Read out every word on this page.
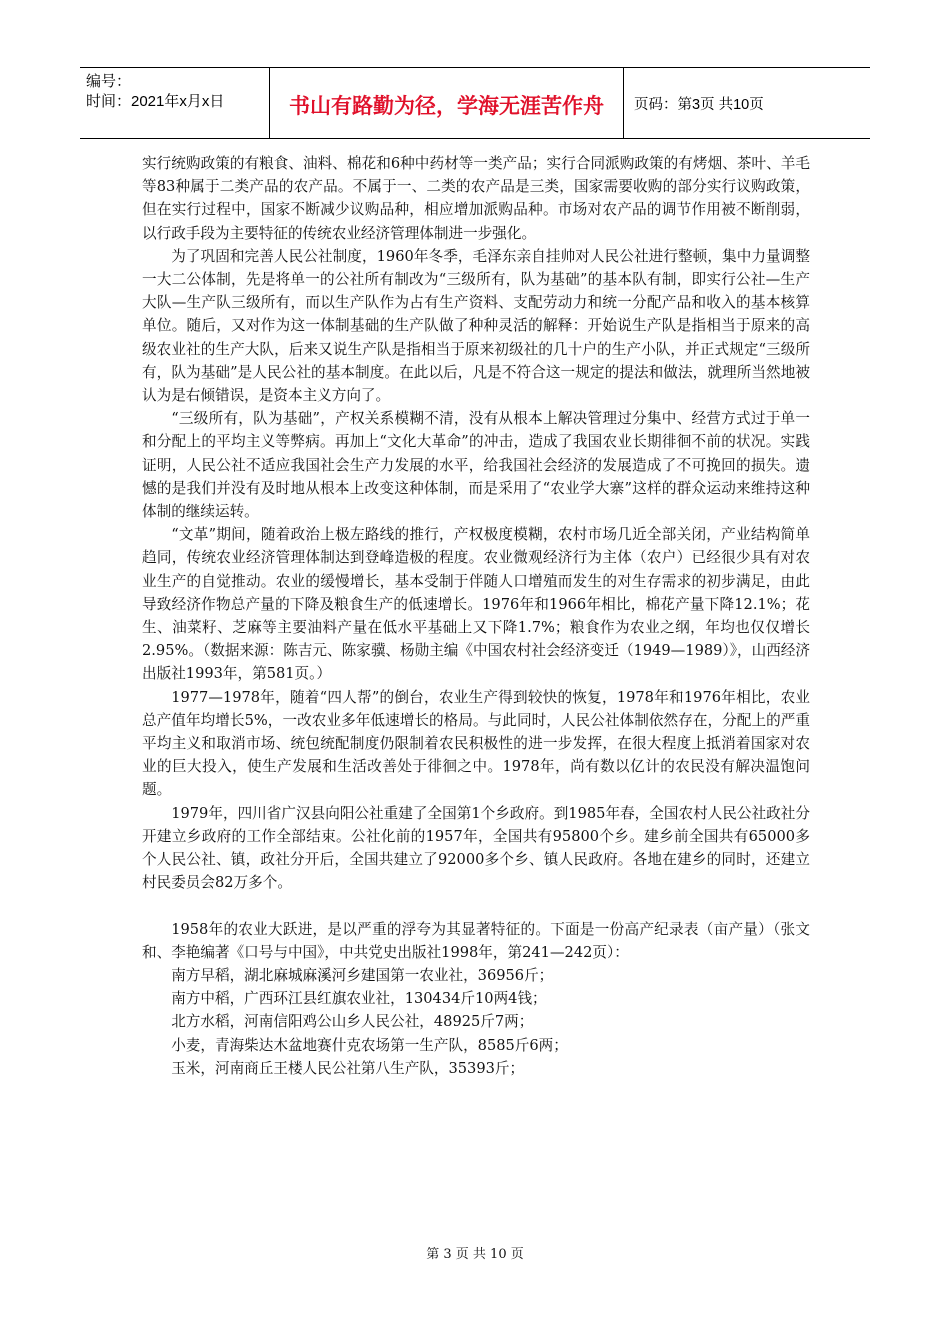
编号：
时间：2021年x月x日	书山有路勤为径，学海无涯苦作舟	页码：第3页 共10页

实行统购政策的有粮食、油料、棉花和6种中药材等一类产品；实行合同派购政策的有烤烟、茶叶、羊毛等83种属于二类产品的农产品。不属于一、二类的农产品是三类，国家需要收购的部分实行议购政策，但在实行过程中，国家不断减少议购品种，相应增加派购品种。市场对农产品的调节作用被不断削弱，以行政手段为主要特征的传统农业经济管理体制进一步强化。

为了巩固和完善人民公社制度，1960年冬季，毛泽东亲自挂帅对人民公社进行整顿，集中力量调整一大二公体制，先是将单一的公社所有制改为“三级所有，队为基础”的基本队有制，即实行公社—生产大队—生产队三级所有，而以生产队作为占有生产资料、支配劳动力和统一分配产品和收入的基本核算单位。随后，又对作为这一体制基础的生产队做了种种灵活的解释：开始说生产队是指相当于原来的高级农业社的生产大队，后来又说生产队是指相当于原来初级社的几十户的生产小队，并正式规定“三级所有，队为基础”是人民公社的基本制度。在此以后，凡是不符合这一规定的提法和做法，就理所当然地被认为是右倾错误，是资本主义方向了。

“三级所有，队为基础”，产权关系模糊不清，没有从根本上解决管理过分集中、经营方式过于单一和分配上的平均主义等弊病。再加上“文化大革命”的冲击，造成了我国农业长期徘徊不前的状况。实践证明，人民公社不适应我国社会生产力发展的水平，给我国社会经济的发展造成了不可挽回的损失。遗憾的是我们并没有及时地从根本上改变这种体制，而是采用了“农业学大寨”这样的群众运动来维持这种体制的继续运转。

“文革”期间，随着政治上极左路线的推行，产权极度模糊，农村市场几近全部关闭，产业结构简单趋同，传统农业经济管理体制达到登峰造极的程度。农业微观经济行为主体（农户）已经很少具有对农业生产的自觉推动。农业的缓慢增长，基本受制于伴随人口增殖而发生的对生存需求的初步满足，由此导致经济作物总产量的下降及粮食生产的低速增长。1976年和1966年相比，棉花产量下降12.1%；花生、油菜籽、芝麻等主要油料产量在低水平基础上又下降1.7%；粮食作为农业之纲，年均也仅仅增长2.95%。（数据来源：陈吉元、陈家骥、杨勋主编《中国农村社会经济变迁（1949—1989）》，山西经济出版社1993年，第581页。）

1977—1978年，随着“四人帮”的倒台，农业生产得到较快的恢复，1978年和1976年相比，农业总产值年均增长5%，一改农业多年低速增长的格局。与此同时，人民公社体制依然存在，分配上的严重平均主义和取消市场、统包统配制度仍限制着农民积极性的进一步发挥，在很大程度上抵消着国家对农业的巨大投入，使生产发展和生活改善处于徘徊之中。1978年，尚有数以亿计的农民没有解决温饱问题。

1979年，四川省广汉县向阳公社重建了全国第1个乡政府。到1985年春，全国农村人民公社政社分开建立乡政府的工作全部结束。公社化前的1957年，全国共有95800个乡。建乡前全国共有65000多个人民公社、镇，政社分开后，全国共建立了92000多个乡、镇人民政府。各地在建乡的同时，还建立村民委员会82万多个。

1958年的农业大跃进，是以严重的浮夸为其显著特征的。下面是一份高产纪录表（亩产量）（张文和、李艳编著《口号与中国》，中共党史出版社1998年，第241—242页）：

南方早稻，湖北麻城麻溪河乡建国第一农业社，36956斤；

南方中稻，广西环江县红旗农业社，130434斤10两4钱；

北方水稻，河南信阳鸡公山乡人民公社，48925斤7两；

小麦，青海柴达木盆地赛什克农场第一生产队，8585斤6两；

玉米，河南商丘王楼人民公社第八生产队，35393斤；

第 3 页 共 10 页
